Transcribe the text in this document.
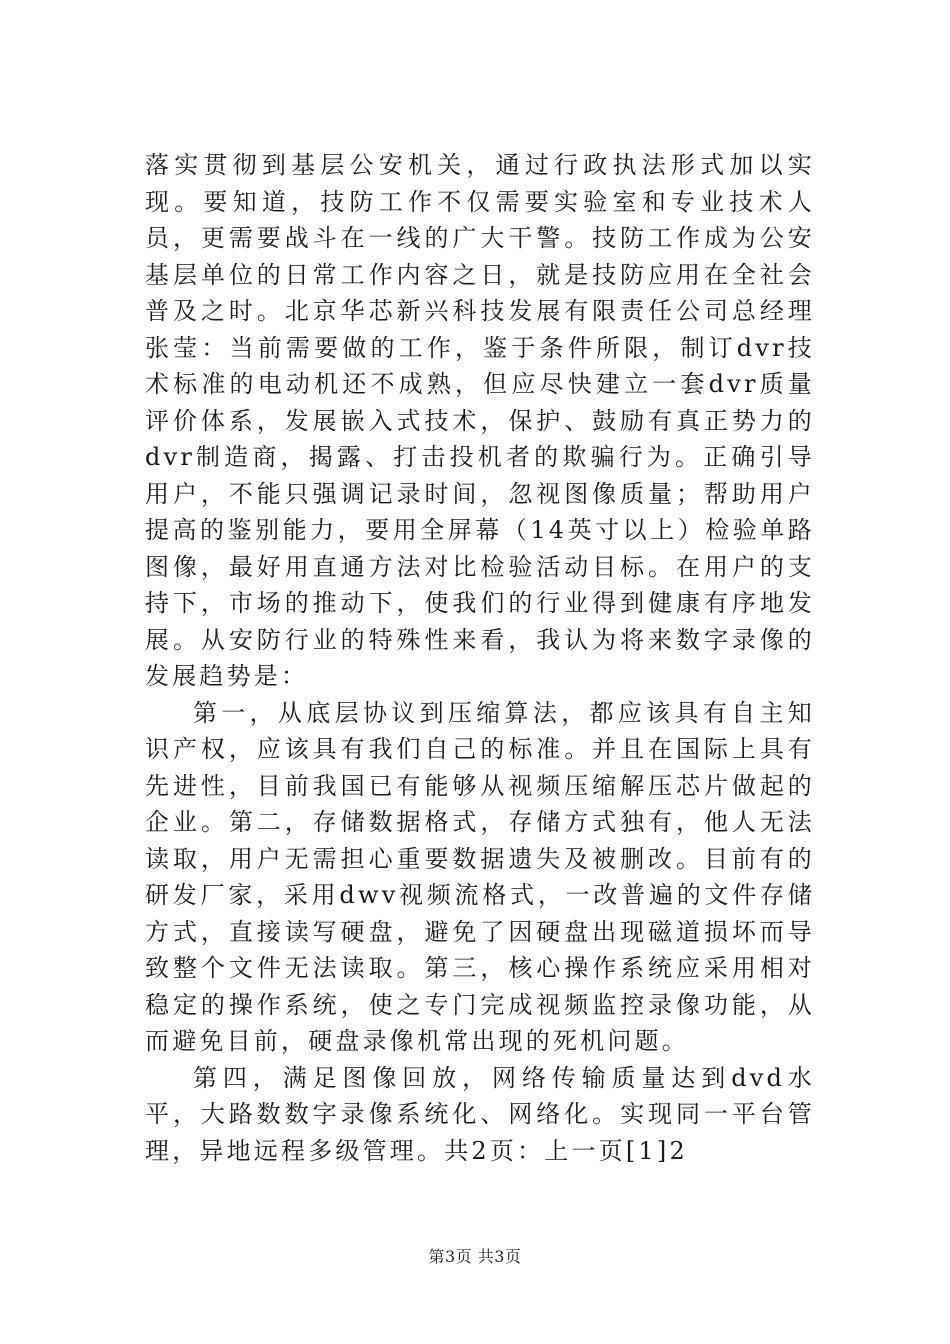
落实贯彻到基层公安机关，通过行政执法形式加以实现。要知道，技防工作不仅需要实验室和专业技术人员，更需要战斗在一线的广大干警。技防工作成为公安基层单位的日常工作内容之日，就是技防应用在全社会普及之时。北京华芯新兴科技发展有限责任公司总经理张莹：当前需要做的工作，鉴于条件所限，制订dvr技术标准的电动机还不成熟，但应尽快建立一套dvr质量评价体系，发展嵌入式技术，保护、鼓励有真正势力的dvr制造商，揭露、打击投机者的欺骗行为。正确引导用户，不能只强调记录时间，忽视图像质量；帮助用户提高的鉴别能力，要用全屏幕（14英寸以上）检验单路图像，最好用直通方法对比检验活动目标。在用户的支持下，市场的推动下，使我们的行业得到健康有序地发展。从安防行业的特殊性来看，我认为将来数字录像的发展趋势是：

第一，从底层协议到压缩算法，都应该具有自主知识产权，应该具有我们自己的标准。并且在国际上具有先进性，目前我国已有能够从视频压缩解压芯片做起的企业。第二，存储数据格式，存储方式独有，他人无法读取，用户无需担心重要数据遗失及被删改。目前有的研发厂家，采用dwv视频流格式，一改普遍的文件存储方式，直接读写硬盘，避免了因硬盘出现磁道损坏而导致整个文件无法读取。第三，核心操作系统应采用相对稳定的操作系统，使之专门完成视频监控录像功能，从而避免目前，硬盘录像机常出现的死机问题。

第四，满足图像回放，网络传输质量达到dvd水平，大路数数字录像系统化、网络化。实现同一平台管理，异地远程多级管理。共2页：上一页[1]2

第3页 共3页
